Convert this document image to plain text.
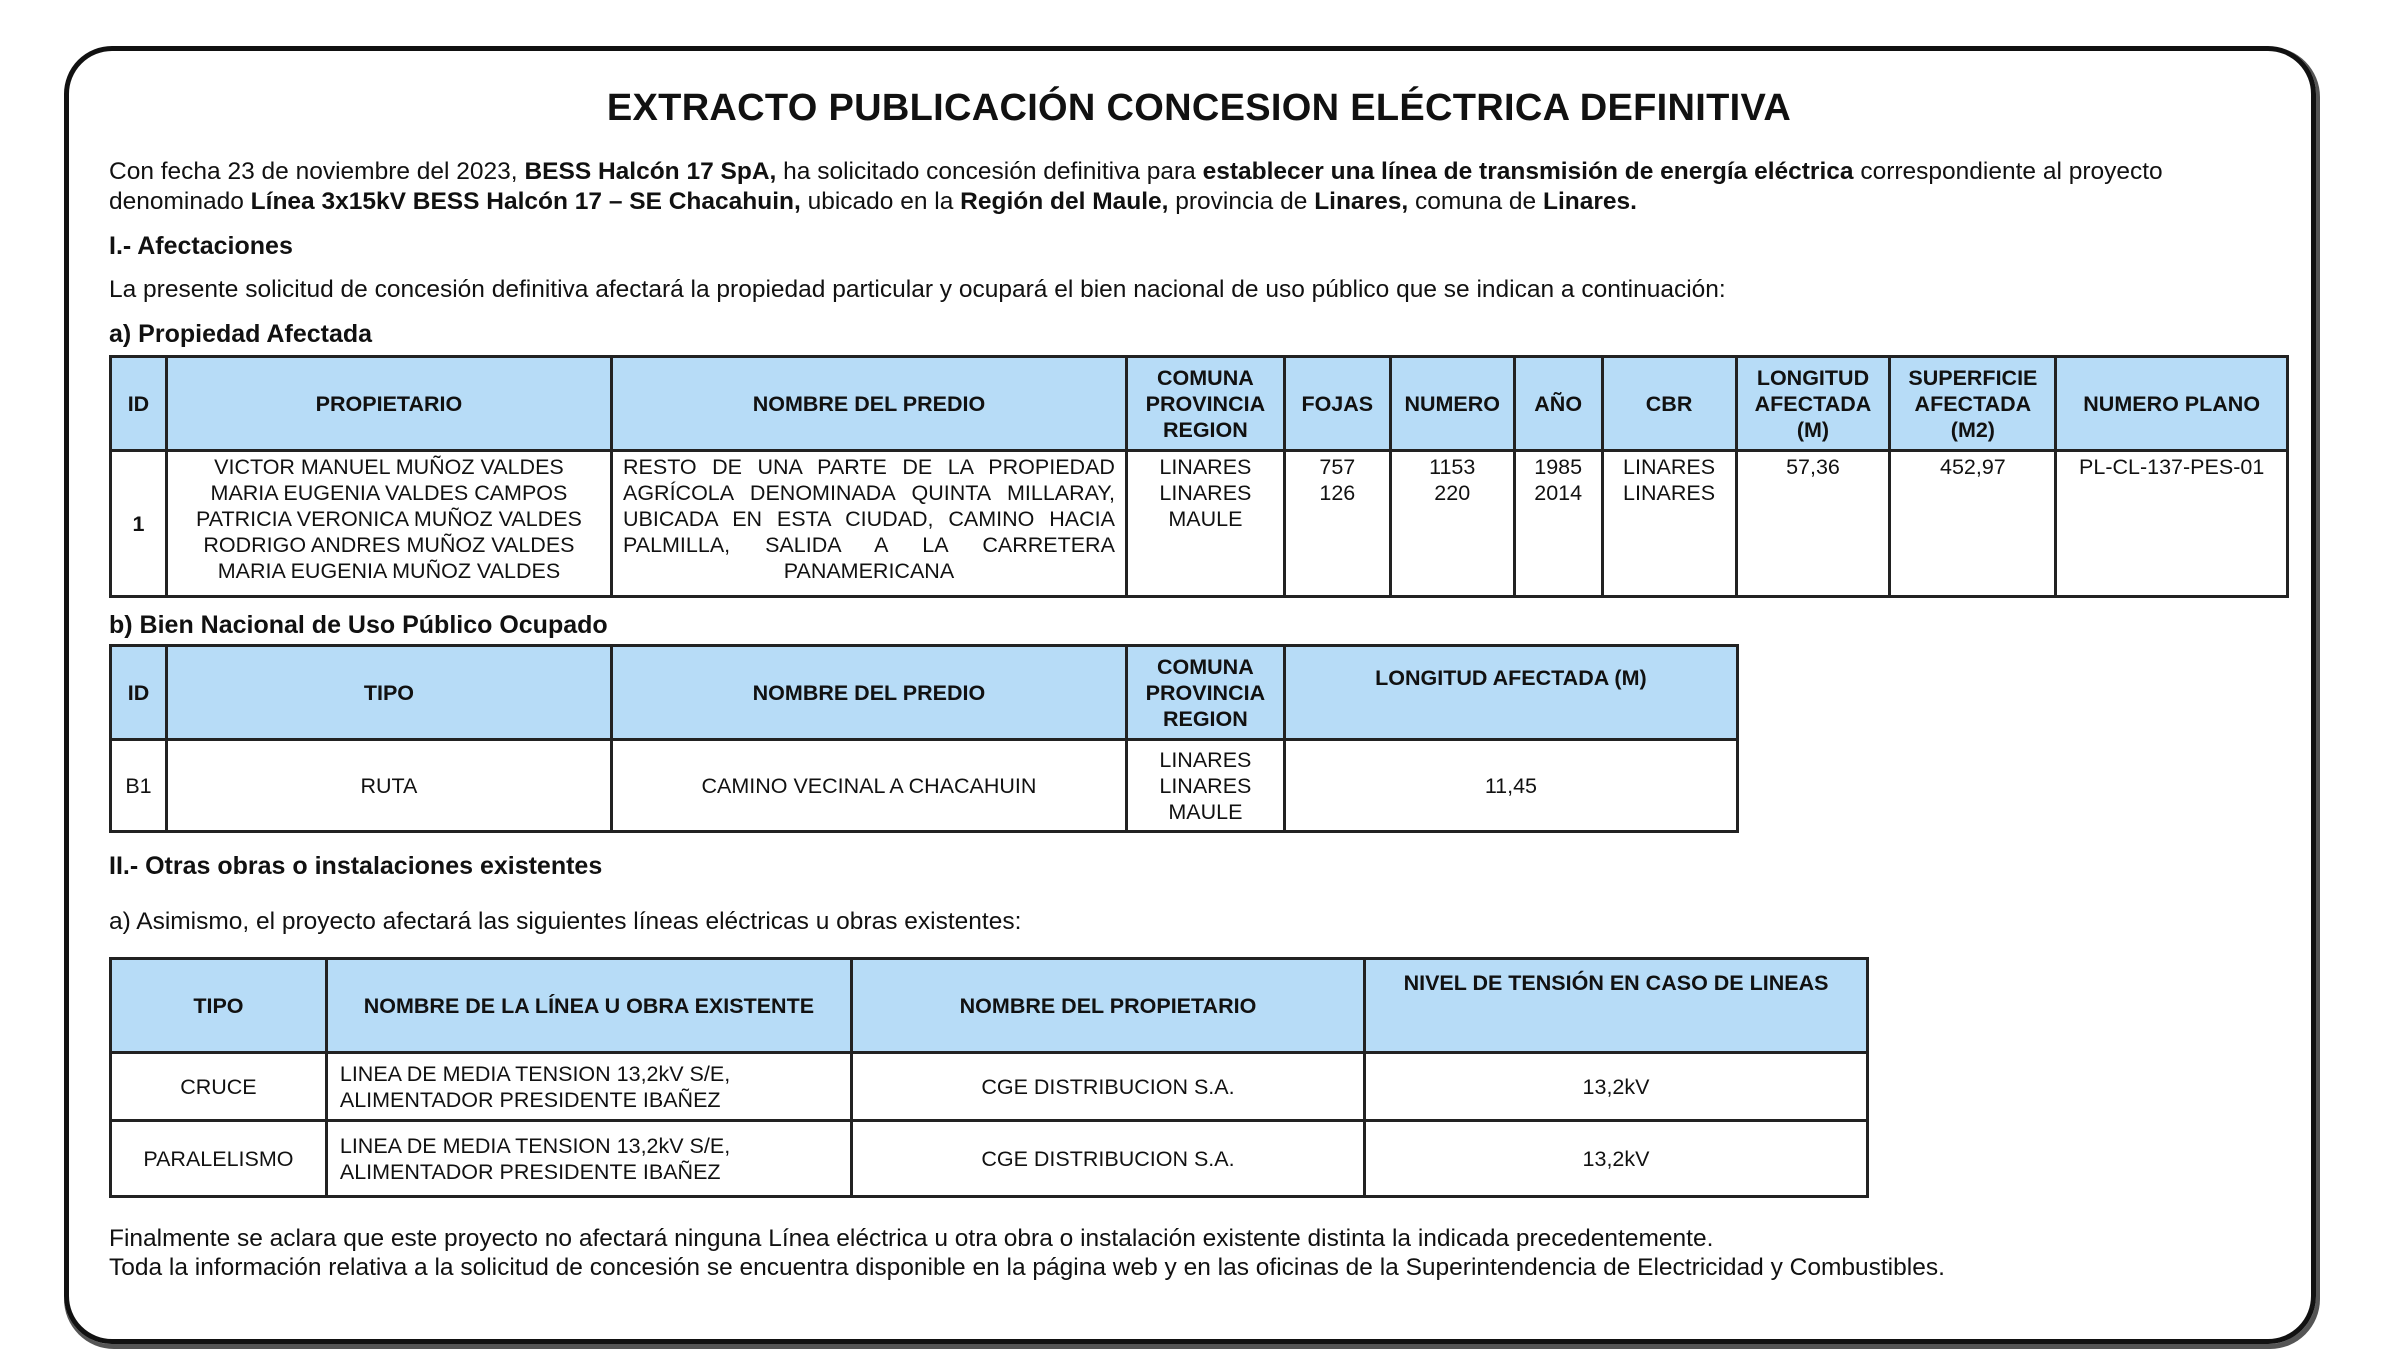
EXTRACTO PUBLICACIÓN CONCESION ELÉCTRICA DEFINITIVA

Con fecha 23 de noviembre del 2023, BESS Halcón 17 SpA, ha solicitado concesión definitiva para establecer una línea de transmisión de energía eléctrica correspondiente al proyecto denominado Línea 3x15kV BESS Halcón 17 – SE Chacahuin, ubicado en la Región del Maule, provincia de Linares, comuna de Linares.

I.- Afectaciones

La presente solicitud de concesión definitiva afectará la propiedad particular y ocupará el bien nacional de uso público que se indican a continuación:

a) Propiedad Afectada

ID	PROPIETARIO	NOMBRE DEL PREDIO	COMUNA
PROVINCIA
REGION	FOJAS	NUMERO	AÑO	CBR	LONGITUD
AFECTADA
(M)	SUPERFICIE
AFECTADA
(M2)	NUMERO PLANO
1	VICTOR MANUEL MUÑOZ VALDES
MARIA EUGENIA VALDES CAMPOS
PATRICIA VERONICA MUÑOZ VALDES
RODRIGO ANDRES MUÑOZ VALDES
MARIA EUGENIA MUÑOZ VALDES	RESTO DE UNA PARTE DE LA PROPIEDAD AGRÍCOLA DENOMINADA QUINTA MILLARAY, UBICADA EN ESTA CIUDAD, CAMINO HACIA PALMILLA, SALIDA A LA CARRETERA PANAMERICANA	LINARES
LINARES
MAULE	757
126	1153
220	1985
2014	LINARES
LINARES	57,36	452,97	PL-CL-137-PES-01

b) Bien Nacional de Uso Público Ocupado

ID	TIPO	NOMBRE DEL PREDIO	COMUNA
PROVINCIA
REGION	LONGITUD AFECTADA (M)
B1	RUTA	CAMINO VECINAL A CHACAHUIN	LINARES
LINARES
MAULE	11,45

II.- Otras obras o instalaciones existentes

a) Asimismo, el proyecto afectará las siguientes líneas eléctricas u obras existentes:

TIPO	NOMBRE DE LA LÍNEA U OBRA EXISTENTE	NOMBRE DEL PROPIETARIO	NIVEL DE TENSIÓN EN CASO DE LINEAS
CRUCE	LINEA DE MEDIA TENSION 13,2kV S/E,
ALIMENTADOR PRESIDENTE IBAÑEZ	CGE DISTRIBUCION S.A.	13,2kV
PARALELISMO	LINEA DE MEDIA TENSION 13,2kV S/E,
ALIMENTADOR PRESIDENTE IBAÑEZ	CGE DISTRIBUCION S.A.	13,2kV

Finalmente se aclara que este proyecto no afectará ninguna Línea eléctrica u otra obra o instalación existente distinta la indicada precedentemente.

Toda la información relativa a la solicitud de concesión se encuentra disponible en la página web y en las oficinas de la Superintendencia de Electricidad y Combustibles.
